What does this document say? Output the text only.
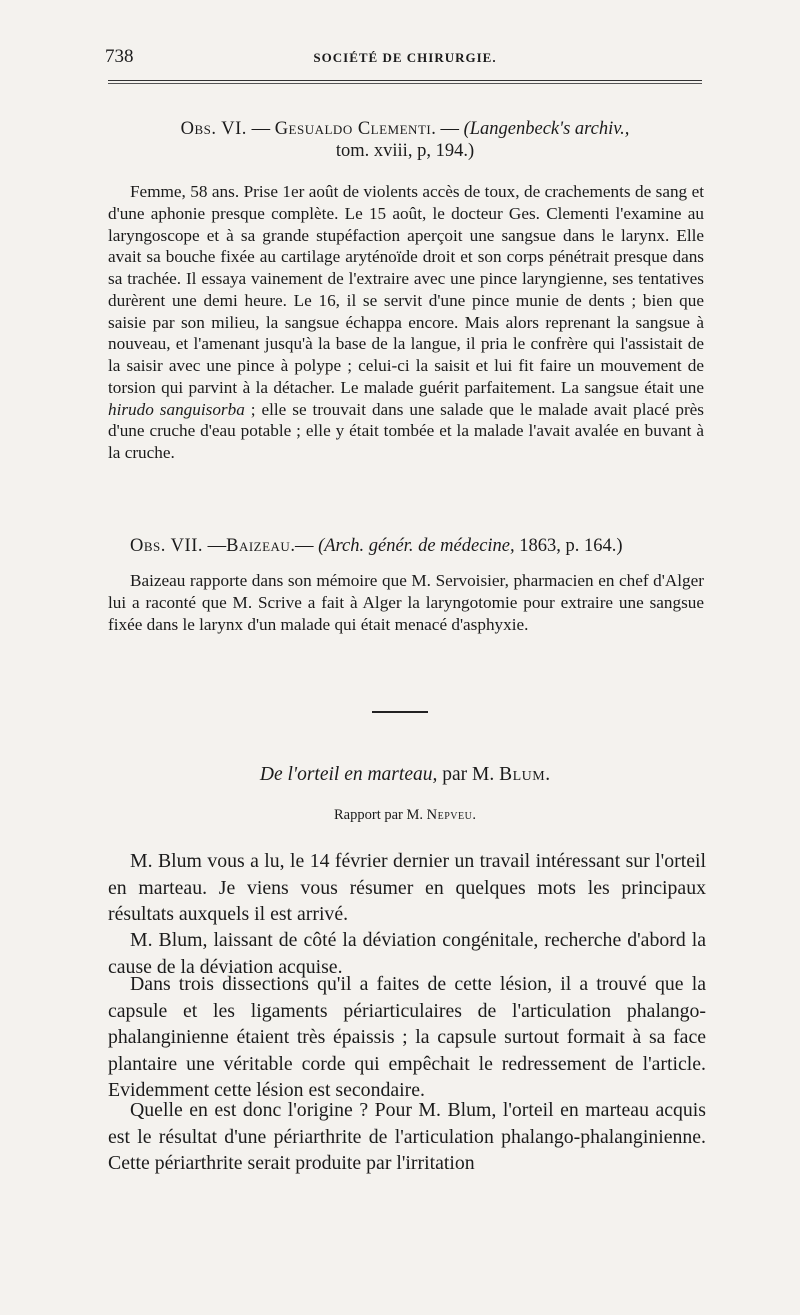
738	SOCIÉTÉ DE CHIRURGIE.
Obs. VI. — Gesualdo Clementi. — (Langenbeck's archiv.,
tom. xviii, p, 194.)

Femme, 58 ans. Prise 1er août de violents accès de toux, de crachements de sang et d'une aphonie presque complète. Le 15 août, le docteur Ges. Clementi l'examine au laryngoscope et à sa grande stupéfaction aperçoit une sangsue dans le larynx. Elle avait sa bouche fixée au cartilage aryténoïde droit et son corps pénétrait presque dans sa trachée. Il essaya vainement de l'extraire avec une pince laryngienne, ses tentatives durèrent une demi heure. Le 16, il se servit d'une pince munie de dents ; bien que saisie par son milieu, la sangsue échappa encore. Mais alors reprenant la sangsue à nouveau, et l'amenant jusqu'à la base de la langue, il pria le confrère qui l'assistait de la saisir avec une pince à polype ; celui-ci la saisit et lui fit faire un mouvement de torsion qui parvint à la détacher. Le malade guérit parfaitement. La sangsue était une hirudo sanguisorba ; elle se trouvait dans une salade que le malade avait placé près d'une cruche d'eau potable ; elle y était tombée et la malade l'avait avalée en buvant à la cruche.

Obs. VII. —Baizeau.— (Arch. génér. de médecine, 1863, p. 164.)

Baizeau rapporte dans son mémoire que M. Servoisier, pharmacien en chef d'Alger lui a raconté que M. Scrive a fait à Alger la laryngotomie pour extraire une sangsue fixée dans le larynx d'un malade qui était menacé d'asphyxie.

De l'orteil en marteau, par M. Blum.
Rapport par M. Nepveu.

M. Blum vous a lu, le 14 février dernier un travail intéressant sur l'orteil en marteau. Je viens vous résumer en quelques mots les principaux résultats auxquels il est arrivé.

M. Blum, laissant de côté la déviation congénitale, recherche d'abord la cause de la déviation acquise.

Dans trois dissections qu'il a faites de cette lésion, il a trouvé que la capsule et les ligaments périarticulaires de l'articulation phalango-phalanginienne étaient très épaissis ; la capsule surtout formait à sa face plantaire une véritable corde qui empêchait le redressement de l'article. Evidemment cette lésion est secondaire.

Quelle en est donc l'origine ? Pour M. Blum, l'orteil en marteau acquis est le résultat d'une périarthrite de l'articulation phalango-phalanginienne. Cette périarthrite serait produite par l'irritation
